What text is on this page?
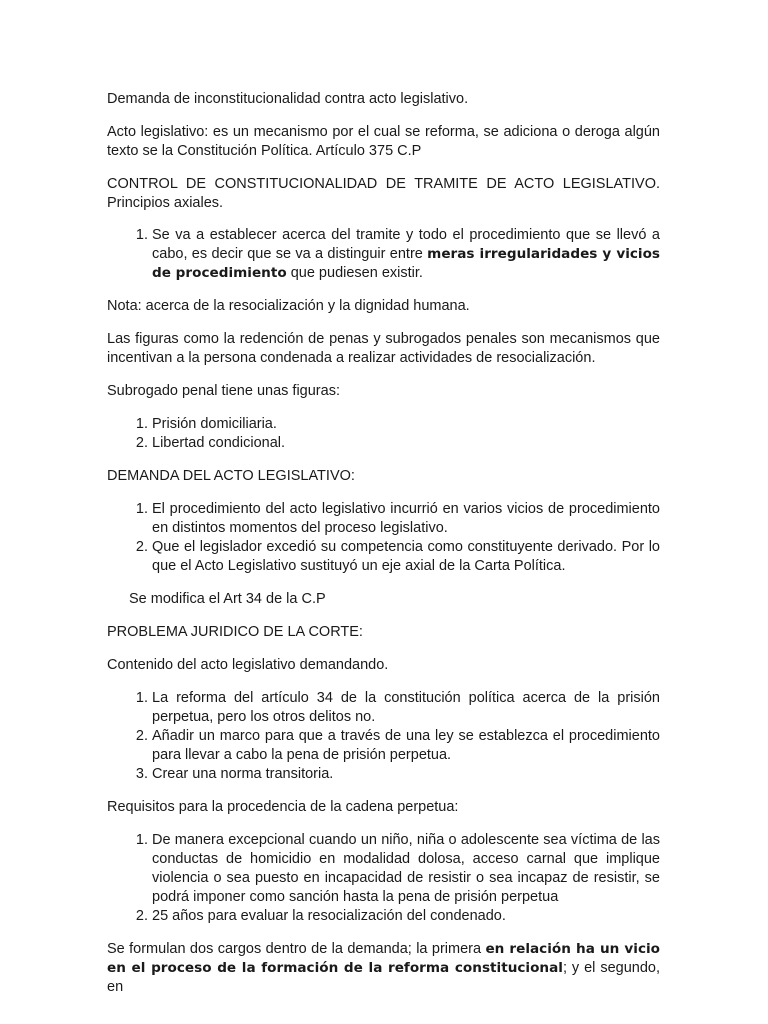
Demanda de inconstitucionalidad contra acto legislativo.

Acto legislativo: es un mecanismo por el cual se reforma, se adiciona o deroga algún texto se la Constitución Política. Artículo 375 C.P

CONTROL DE CONSTITUCIONALIDAD DE TRAMITE DE ACTO LEGISLATIVO. Principios axiales.

1. Se va a establecer acerca del tramite y todo el procedimiento que se llevó a cabo, es decir que se va a distinguir entre meras irregularidades y vicios de procedimiento que pudiesen existir.

Nota: acerca de la resocialización y la dignidad humana.

Las figuras como la redención de penas y subrogados penales son mecanismos que incentivan a la persona condenada a realizar actividades de resocialización.

Subrogado penal tiene unas figuras:

1. Prisión domiciliaria.
2. Libertad condicional.

DEMANDA DEL ACTO LEGISLATIVO:

1. El procedimiento del acto legislativo incurrió en varios vicios de procedimiento en distintos momentos del proceso legislativo.
2. Que el legislador excedió su competencia como constituyente derivado. Por lo que el Acto Legislativo sustituyó un eje axial de la Carta Política.

Se modifica el Art 34 de la C.P

PROBLEMA JURIDICO DE LA CORTE:

Contenido del acto legislativo demandando.

1. La reforma del artículo 34 de la constitución política acerca de la prisión perpetua, pero los otros delitos no.
2. Añadir un marco para que a través de una ley se establezca el procedimiento para llevar a cabo la pena de prisión perpetua.
3. Crear una norma transitoria.

Requisitos para la procedencia de la cadena perpetua:

1. De manera excepcional cuando un niño, niña o adolescente sea víctima de las conductas de homicidio en modalidad dolosa, acceso carnal que implique violencia o sea puesto en incapacidad de resistir o sea incapaz de resistir, se podrá imponer como sanción hasta la pena de prisión perpetua
2. 25 años para evaluar la resocialización del condenado.

Se formulan dos cargos dentro de la demanda; la primera en relación ha un vicio en el proceso de la formación de la reforma constitucional; y el segundo, en
